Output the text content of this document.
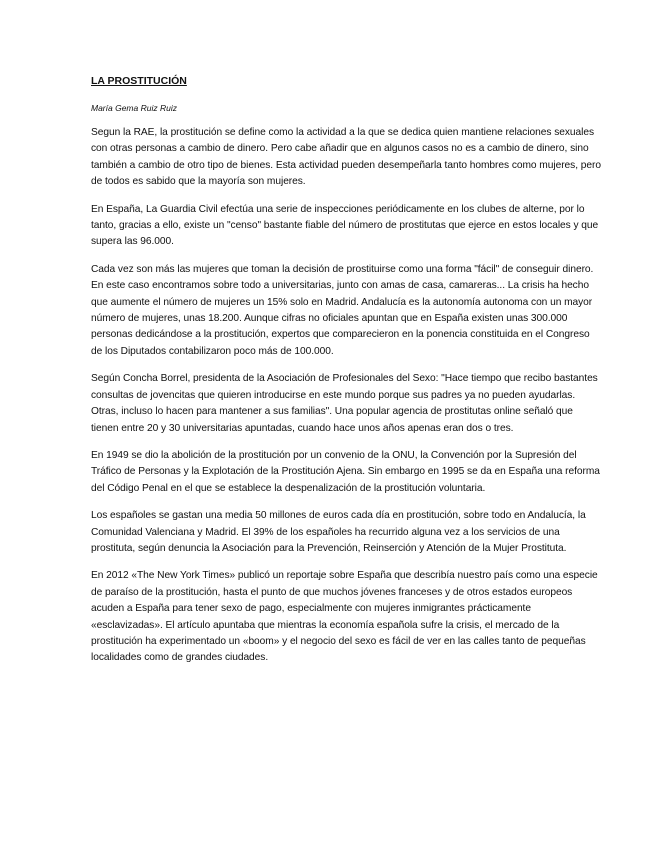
LA PROSTITUCIÓN
María Gema Ruiz Ruiz

Segun la RAE, la prostitución se define como la actividad a la que se dedica quien mantiene relaciones sexuales con otras personas a cambio de dinero. Pero cabe añadir que en algunos casos no es a cambio de dinero, sino también a cambio de otro tipo de bienes. Esta actividad pueden desempeñarla tanto hombres como mujeres, pero de todos es sabido que la mayoría son mujeres.

En España, La Guardia Civil efectúa una serie de inspecciones periódicamente en los clubes de alterne, por lo tanto, gracias a ello, existe un "censo" bastante fiable del número de prostitutas que ejerce en estos locales y que supera las 96.000.

Cada vez son más las mujeres que toman la decisión de prostituirse como una forma "fácil" de conseguir dinero. En este caso encontramos sobre todo a universitarias, junto con amas de casa, camareras... La crisis ha hecho que aumente el número de mujeres un 15% solo en Madrid. Andalucía es la autonomía autonoma con un mayor número de mujeres, unas 18.200. Aunque cifras no oficiales apuntan que en España existen unas 300.000 personas dedicándose a la prostitución, expertos que comparecieron en la ponencia constituida en el Congreso de los Diputados contabilizaron poco más de 100.000.

Según Concha Borrel, presidenta de la Asociación de Profesionales del Sexo: "Hace tiempo que recibo bastantes consultas de jovencitas que quieren introducirse en este mundo porque sus padres ya no pueden ayudarlas. Otras, incluso lo hacen para mantener a sus familias". Una popular agencia de prostitutas online señaló que tienen entre 20 y 30 universitarias apuntadas, cuando hace unos años apenas eran dos o tres.

En 1949 se dio la abolición de la prostitución por un convenio de la ONU, la Convención por la Supresión del Tráfico de Personas y la Explotación de la Prostitución Ajena. Sin embargo en 1995 se da en España una reforma del Código Penal en el que se establece la despenalización de la prostitución voluntaria.

Los españoles se gastan una media 50 millones de euros cada día en prostitución, sobre todo en Andalucía, la Comunidad Valenciana y Madrid. El 39% de los españoles ha recurrido alguna vez a los servicios de una prostituta, según denuncia la Asociación para la Prevención, Reinserción y Atención de la Mujer Prostituta.

En 2012 «The New York Times» publicó un reportaje sobre España que describía nuestro país como una especie de paraíso de la prostitución, hasta el punto de que muchos jóvenes franceses y de otros estados europeos acuden a España para tener sexo de pago, especialmente con mujeres inmigrantes prácticamente «esclavizadas». El artículo apuntaba que mientras la economía española sufre la crisis, el mercado de la prostitución ha experimentado un «boom» y el negocio del sexo es fácil de ver en las calles tanto de pequeñas localidades como de grandes ciudades.
